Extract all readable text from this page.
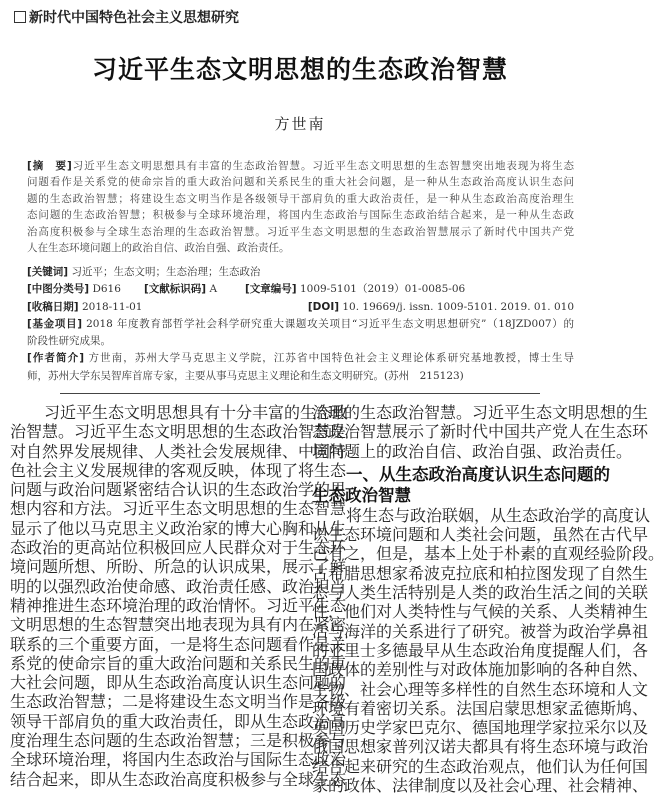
新时代中国特色社会主义思想研究
习近平生态文明思想的生态政治智慧
方世南
[摘　要]习近平生态文明思想具有丰富的生态政治智慧。习近平生态文明思想的生态智慧突出地表现为将生态
问题看作是关系党的使命宗旨的重大政治问题和关系民生的重大社会问题，是一种从生态政治高度认识生态问
题的生态政治智慧；将建设生态文明当作是各级领导干部肩负的重大政治责任，是一种从生态政治高度治理生
态问题的生态政治智慧；积极参与全球环境治理，将国内生态政治与国际生态政治结合起来，是一种从生态政
治高度积极参与全球生态治理的生态政治智慧。习近平生态文明思想的生态政治智慧展示了新时代中国共产党
人在生态环境问题上的政治自信、政治自强、政治责任。
[关键词] 习近平；生态文明；生态治理；生态政治
[中图分类号] D616 [文献标识码] A	[文章编号] 1009-5101（2019）01-0085-06
[收稿日期] 2018-11-01	[DOI] 10. 19669/j. issn. 1009-5101. 2019. 01. 010
[基金项目] 2018 年度教育部哲学社会科学研究重大课题攻关项目“习近平生态文明思想研究”（18JZD007）的
阶段性研究成果。
[作者简介] 方世南，苏州大学马克思主义学院，江苏省中国特色社会主义理论体系研究基地教授，博士生导
师，苏州大学东吴智库首席专家，主要从事马克思主义理论和生态文明研究。(苏州　215123)
习近平生态文明思想具有十分丰富的生态政
治智慧。习近平生态文明思想的生态政治智慧是
对自然界发展规律、人类社会发展规律、中国特
色社会主义发展规律的客观反映，体现了将生态
问题与政治问题紧密结合认识的生态政治学的思
想内容和方法。习近平生态文明思想的生态智慧
显示了他以马克思主义政治家的博大心胸和从生
态政治的更高站位积极回应人民群众对于生态环
境问题所想、所盼、所急的认识成果，展示了鲜
明的以强烈政治使命感、政治责任感、政治担当
精神推进生态环境治理的政治情怀。习近平生态
文明思想的生态智慧突出地表现为具有内在紧密
联系的三个重要方面，一是将生态问题看作是关
系党的使命宗旨的重大政治问题和关系民生的重
大社会问题，即从生态政治高度认识生态问题的
生态政治智慧；二是将建设生态文明当作是各级
领导干部肩负的重大政治责任，即从生态政治高
度治理生态问题的生态政治智慧；三是积极参与
全球环境治理，将国内生态政治与国际生态政治
结合起来，即从生态政治高度积极参与全球生态
治理的生态政治智慧。习近平生态文明思想的生
态政治智慧展示了新时代中国共产党人在生态环
境问题上的政治自信、政治自强、政治责任。
一、从生态政治高度认识生态问题的
生态政治智慧
将生态与政治联姻，从生态政治学的高度认
识生态环境问题和人类社会问题，虽然在古代早
已有之，但是，基本上处于朴素的直观经验阶段。
古希腊思想家希波克拉底和柏拉图发现了自然生
态与人类生活特别是人类的政治生活之间的关联
性，他们对人类特性与气候的关系、人类精神生
活与海洋的关系进行了研究。被誉为政治学鼻祖
的亚里士多德最早从生态政治角度提醒人们，各
国政体的差别性与对政体施加影响的各种自然、
生物、社会心理等多样性的自然生态环境和人文
环境有着密切关系。法国启蒙思想家孟德斯鸠、
英国历史学家巴克尔、德国地理学家拉采尔以及
俄国思想家普列汉诺夫都具有将生态环境与政治
结合起来研究的生态政治观点，他们认为任何国
家的政体、法律制度以及社会心理、社会精神、
